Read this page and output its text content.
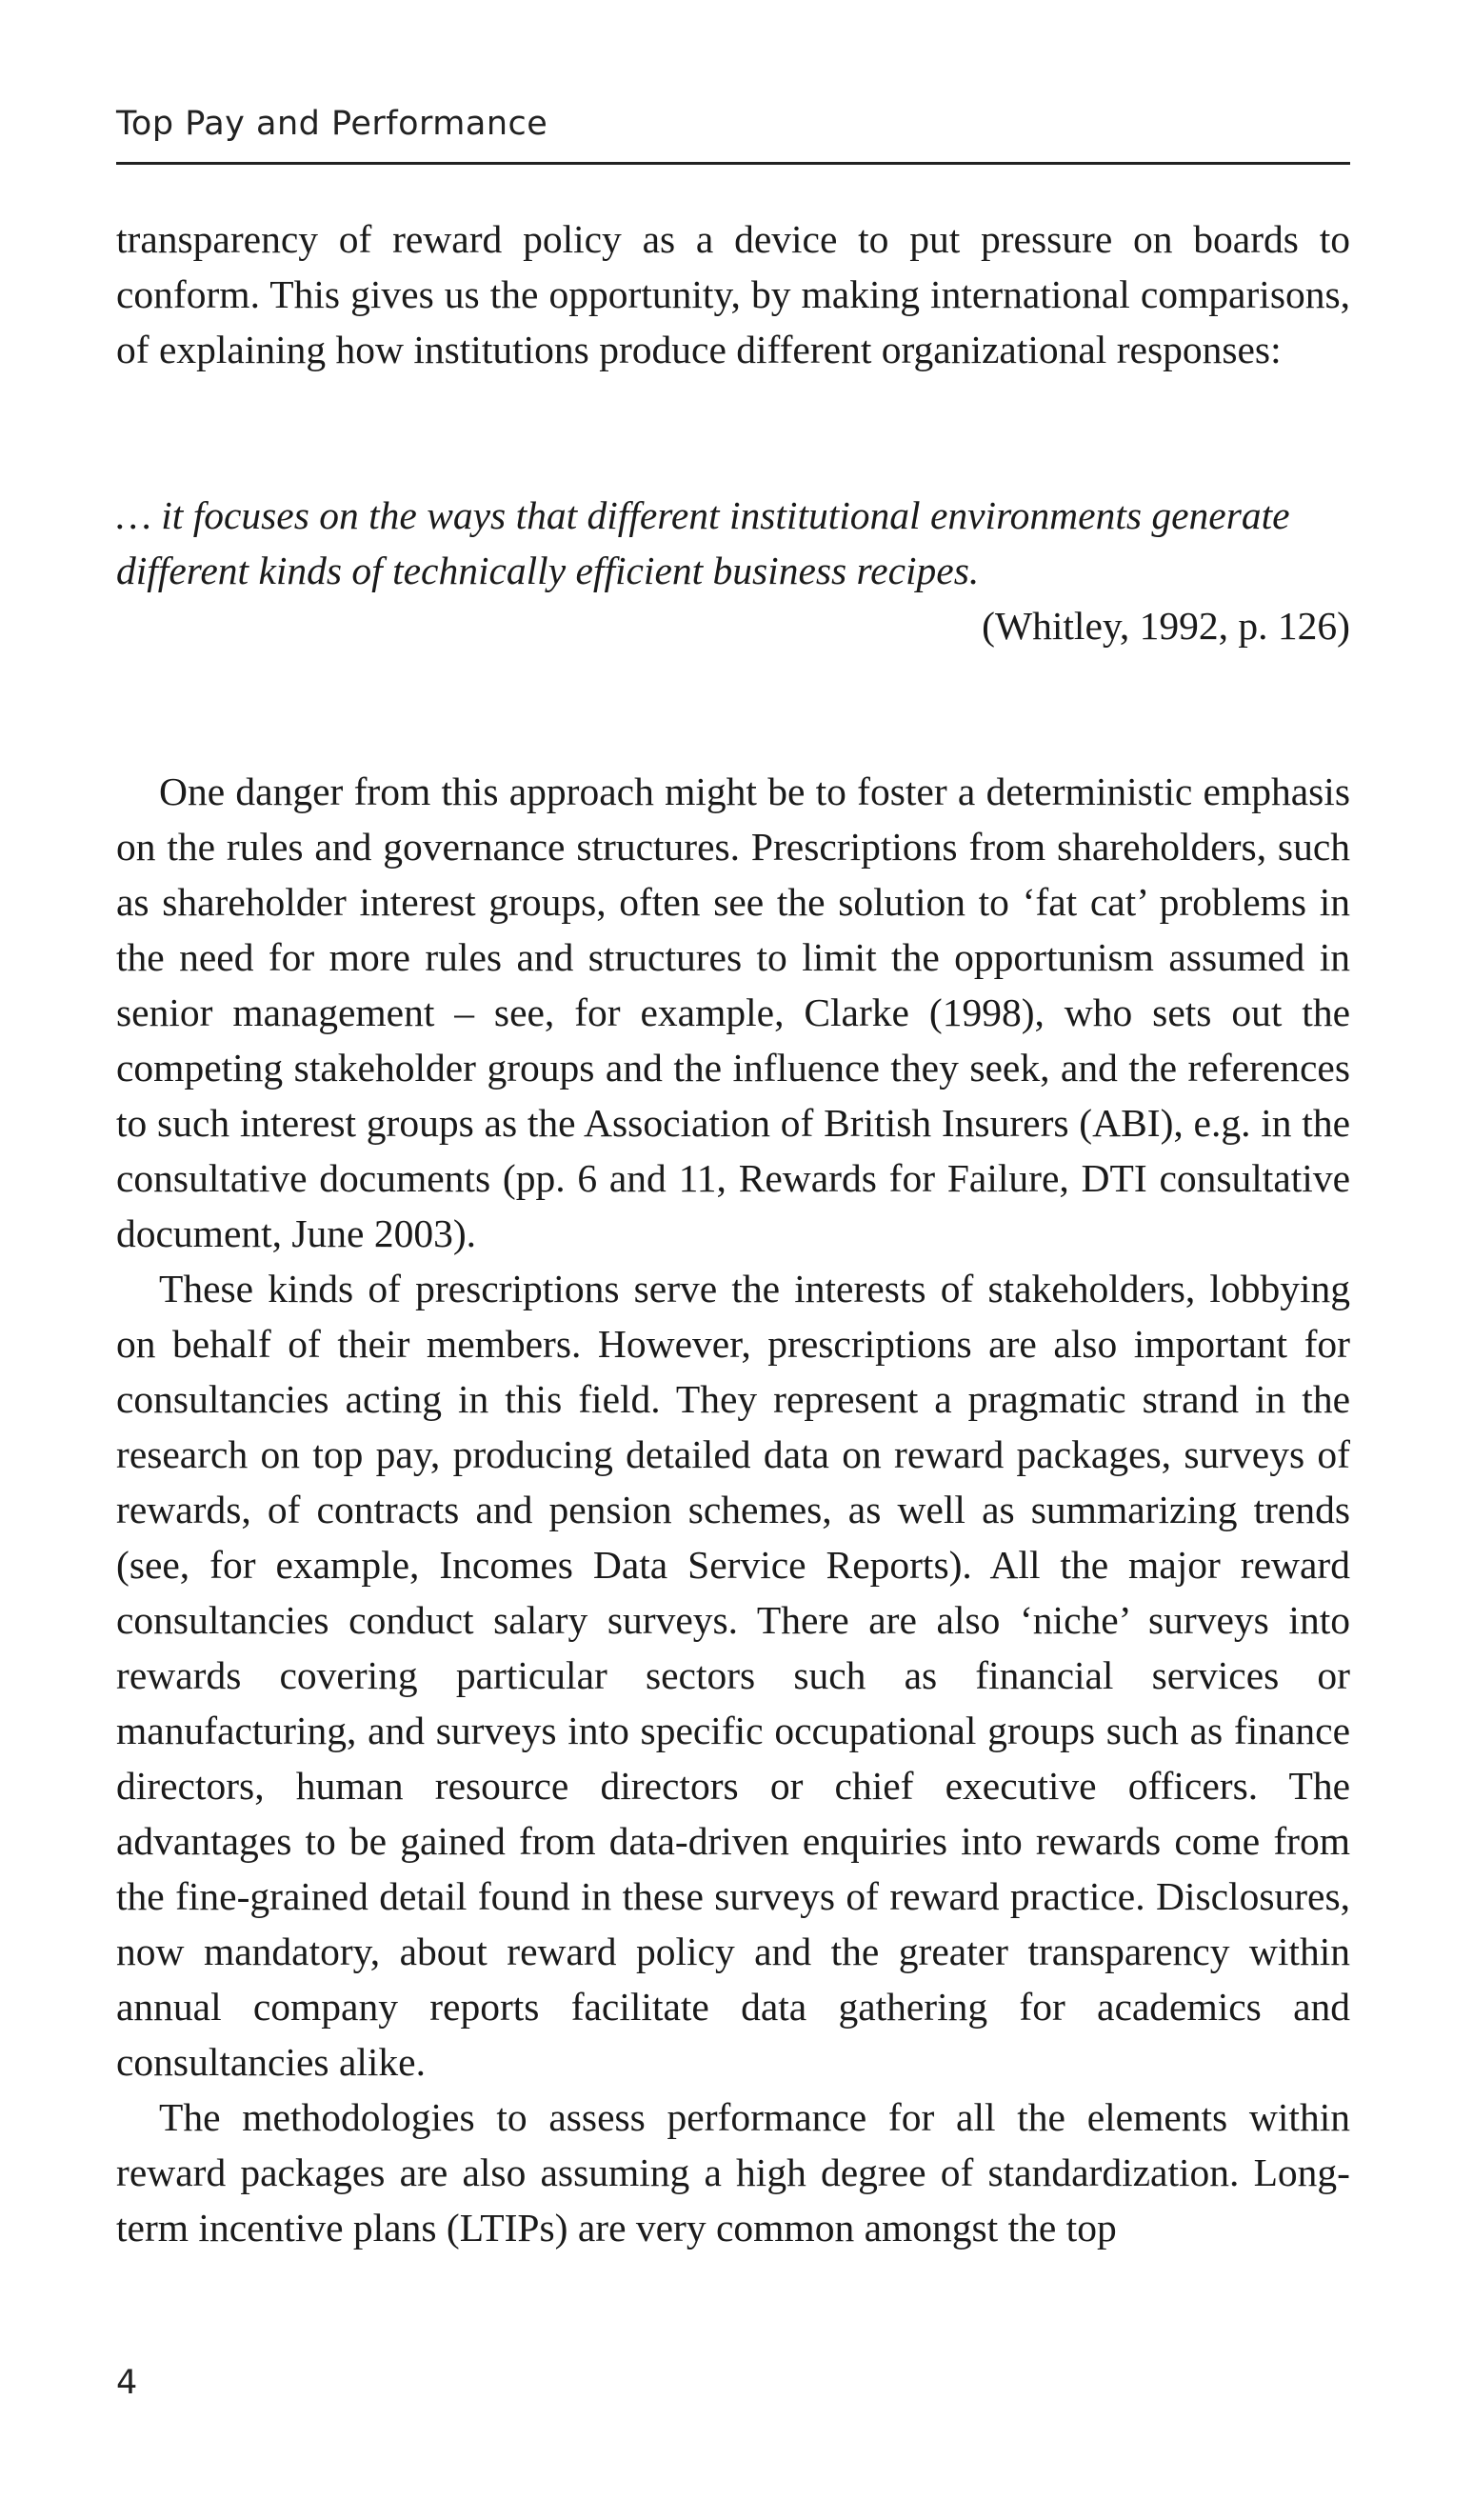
Top Pay and Performance

transparency of reward policy as a device to put pressure on boards to conform. This gives us the opportunity, by making international comparisons, of explaining how institutions produce different organizational responses:

… it focuses on the ways that different institutional environments generate different kinds of technically efficient business recipes.

(Whitley, 1992, p. 126)

One danger from this approach might be to foster a deterministic emphasis on the rules and governance structures. Prescriptions from shareholders, such as shareholder interest groups, often see the solution to ‘fat cat’ problems in the need for more rules and structures to limit the opportunism assumed in senior management – see, for example, Clarke (1998), who sets out the competing stakeholder groups and the influence they seek, and the references to such interest groups as the Association of British Insurers (ABI), e.g. in the consultative documents (pp. 6 and 11, Rewards for Failure, DTI consultative document, June 2003).

These kinds of prescriptions serve the interests of stakeholders, lobbying on behalf of their members. However, prescriptions are also important for consultancies acting in this field. They represent a pragmatic strand in the research on top pay, producing detailed data on reward packages, surveys of rewards, of contracts and pension schemes, as well as summarizing trends (see, for example, Incomes Data Service Reports). All the major reward consultancies conduct salary surveys. There are also ‘niche’ surveys into rewards covering particular sectors such as financial services or manufacturing, and surveys into specific occupational groups such as finance directors, human resource directors or chief executive officers. The advantages to be gained from data-driven enquiries into rewards come from the fine-grained detail found in these surveys of reward practice. Disclosures, now mandatory, about reward policy and the greater transparency within annual company reports facilitate data gathering for academics and consultancies alike.

The methodologies to assess performance for all the elements within reward packages are also assuming a high degree of standardization. Long-term incentive plans (LTIPs) are very common amongst the top

4
